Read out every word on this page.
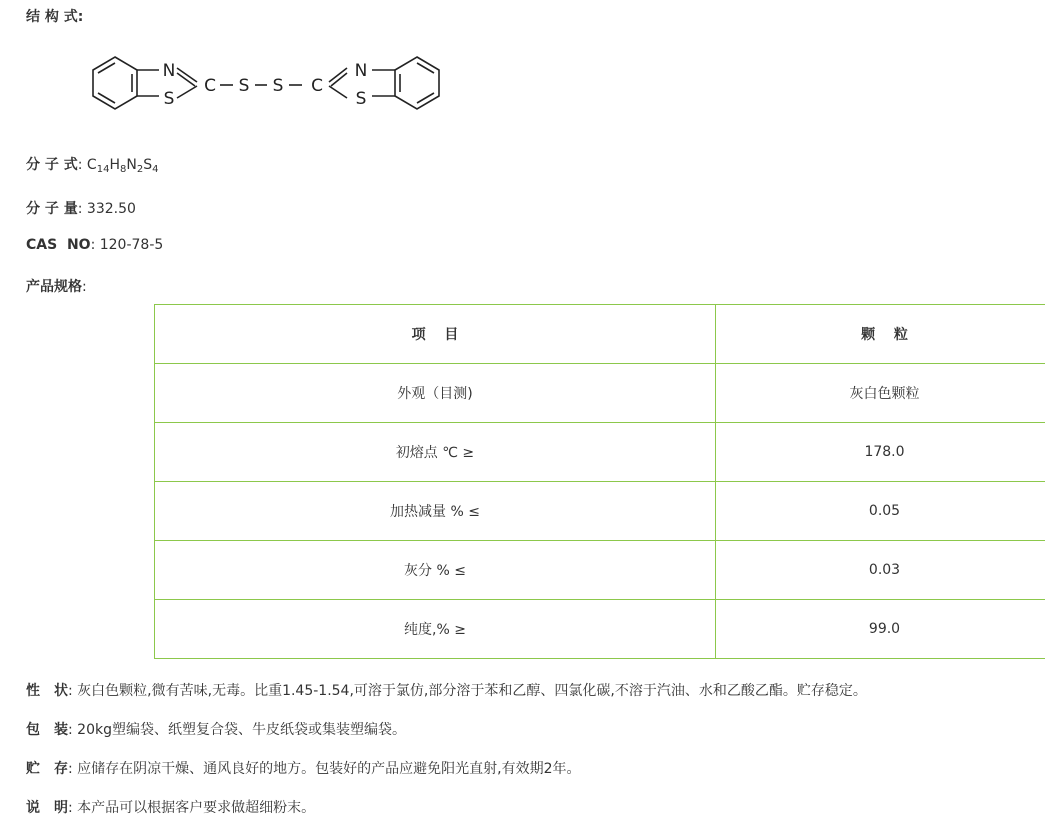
结 构 式:
N
S
C S S C
N
S
分 子 式: $C_{14}H_8N_2S_4$
分 子 量: 332.50
CAS  NO: 120-78-5
产品规格:
项　 目	颗　 粒
外观（目测)	灰白色颗粒
初熔点 ℃ ≥	178.0
加热减量 % ≤	0.05
灰分 % ≤	0.03
纯度,% ≥	99.0
性　状: 灰白色颗粒,微有苦味,无毒。比重1.45-1.54,可溶于氯仿,部分溶于苯和乙醇、四氯化碳,不溶于汽油、水和乙酸乙酯。贮存稳定。
包　装: 20kg塑编袋、纸塑复合袋、牛皮纸袋或集装塑编袋。
贮　存: 应储存在阴凉干燥、通风良好的地方。包装好的产品应避免阳光直射,有效期2年。
说　明: 本产品可以根据客户要求做超细粉末。
